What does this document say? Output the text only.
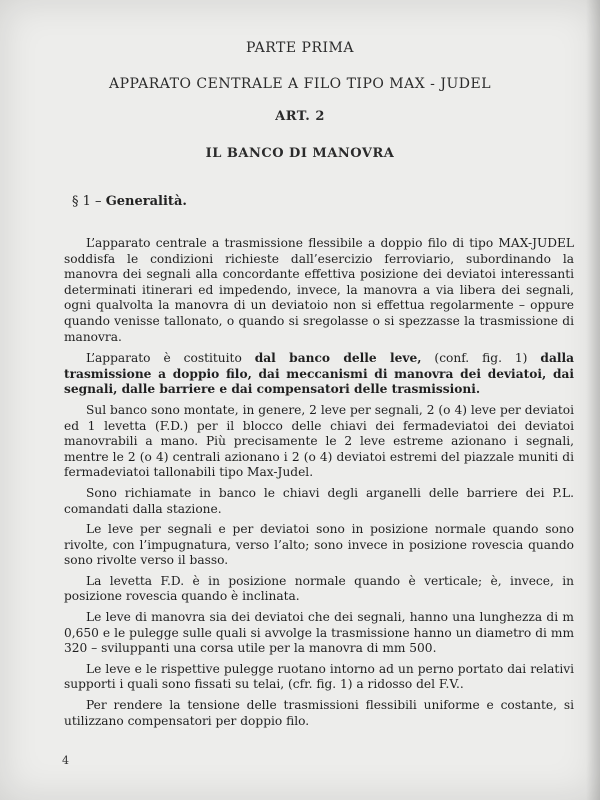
PARTE PRIMA
APPARATO CENTRALE A FILO TIPO MAX - JUDEL
ART. 2
IL BANCO DI MANOVRA
§ 1 – Generalità.

L’apparato centrale a trasmissione flessibile a doppio filo di tipo MAX-JUDEL soddisfa le condizioni richieste dall’esercizio ferroviario, subordinando la manovra dei segnali alla concordante effettiva posizione dei deviatoi interessanti determinati itinerari ed impedendo, invece, la manovra a via libera dei segnali, ogni qualvolta la manovra di un deviatoio non si effettua regolarmente – oppure quando venisse tallonato, o quando si sregolasse o si spezzasse la trasmissione di manovra.

L’apparato è costituito dal banco delle leve, (conf. fig. 1) dalla trasmissione a doppio filo, dai meccanismi di manovra dei deviatoi, dai segnali, dalle barriere e dai compensatori delle trasmissioni.

Sul banco sono montate, in genere, 2 leve per segnali, 2 (o 4) leve per deviatoi ed 1 levetta (F.D.) per il blocco delle chiavi dei fermadeviatoi dei deviatoi manovrabili a mano. Più precisamente le 2 leve estreme azionano i segnali, mentre le 2 (o 4) centrali azionano i 2 (o 4) deviatoi estremi del piazzale muniti di fermadeviatoi tallonabili tipo Max-Judel.

Sono richiamate in banco le chiavi degli arganelli delle barriere dei P.L. comandati dalla stazione.

Le leve per segnali e per deviatoi sono in posizione normale quando sono rivolte, con l’impugnatura, verso l’alto; sono invece in posizione rovescia quando sono rivolte verso il basso.

La levetta F.D. è in posizione normale quando è verticale; è, invece, in posizione rovescia quando è inclinata.

Le leve di manovra sia dei deviatoi che dei segnali, hanno una lunghezza di m 0,650 e le pulegge sulle quali si avvolge la trasmissione hanno un diametro di mm 320 – sviluppanti una corsa utile per la manovra di mm 500.

Le leve e le rispettive pulegge ruotano intorno ad un perno portato dai relativi supporti i quali sono fissati su telai, (cfr. fig. 1) a ridosso del F.V..

Per rendere la tensione delle trasmissioni flessibili uniforme e costante, si utilizzano compensatori per doppio filo.

4
